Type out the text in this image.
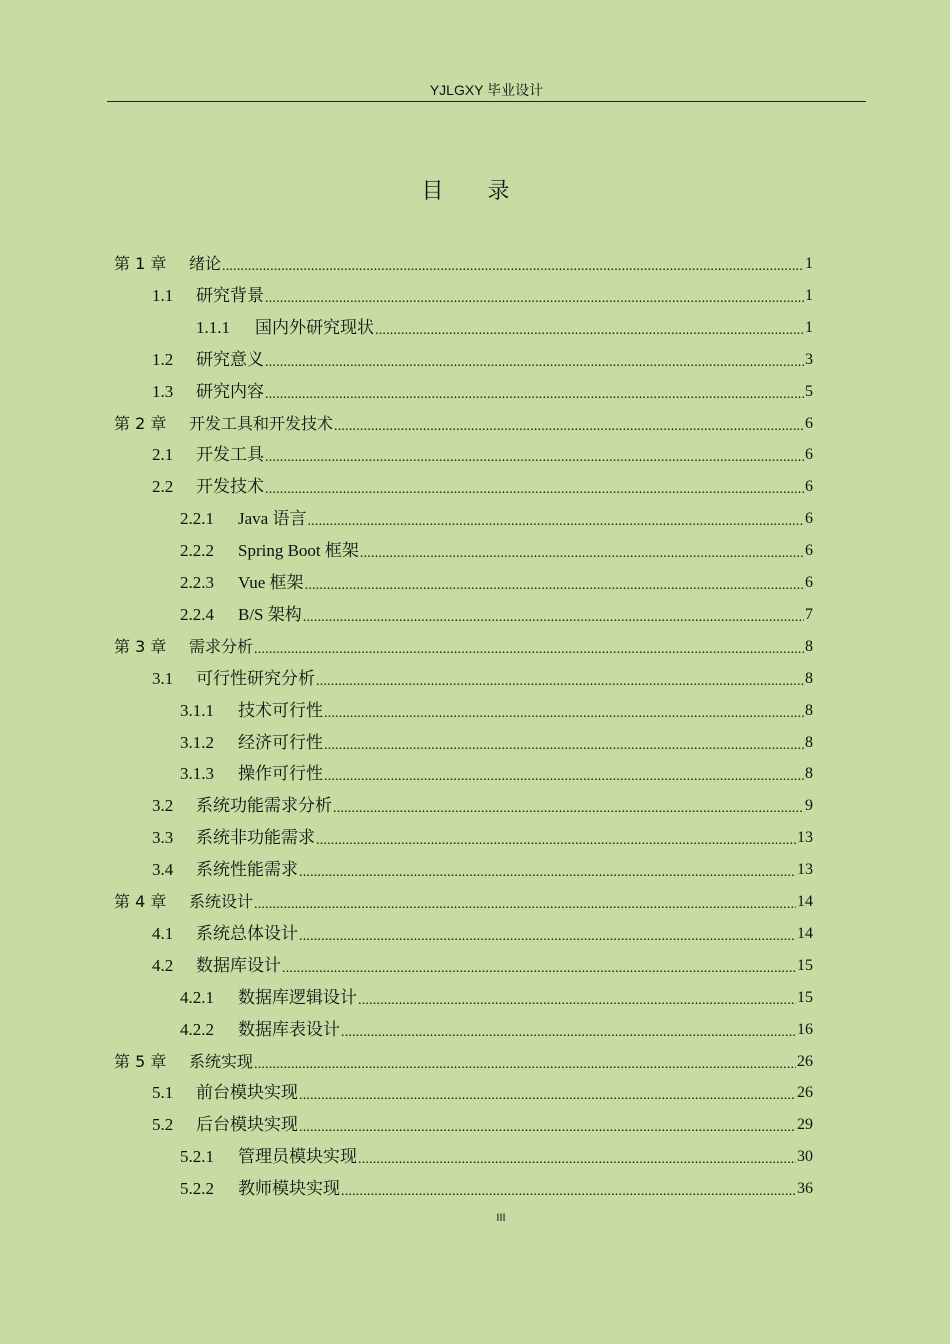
YJLGXY 毕业设计
目录
第 1 章	绪论 .....	1
1.1	研究背景 .....	1
1.1.1	国内外研究现状 .....	1
1.2	研究意义 .....	3
1.3	研究内容 .....	5
第 2 章	开发工具和开发技术 .....	6
2.1	开发工具 .....	6
2.2	开发技术 .....	6
2.2.1	Java 语言 .....	6
2.2.2	Spring Boot 框架 .....	6
2.2.3	Vue 框架 .....	6
2.2.4	B/S 架构 .....	7
第 3 章	需求分析 .....	8
3.1	可行性研究分析 .....	8
3.1.1	技术可行性 .....	8
3.1.2	经济可行性 .....	8
3.1.3	操作可行性 .....	8
3.2	系统功能需求分析 .....	9
3.3	系统非功能需求 .....	13
3.4	系统性能需求 .....	13
第 4 章	系统设计 .....	14
4.1	系统总体设计 .....	14
4.2	数据库设计 .....	15
4.2.1	数据库逻辑设计 .....	15
4.2.2	数据库表设计 .....	16
第 5 章	系统实现 .....	26
5.1	前台模块实现 .....	26
5.2	后台模块实现 .....	29
5.2.1	管理员模块实现 .....	30
5.2.2	教师模块实现 .....	36
III
